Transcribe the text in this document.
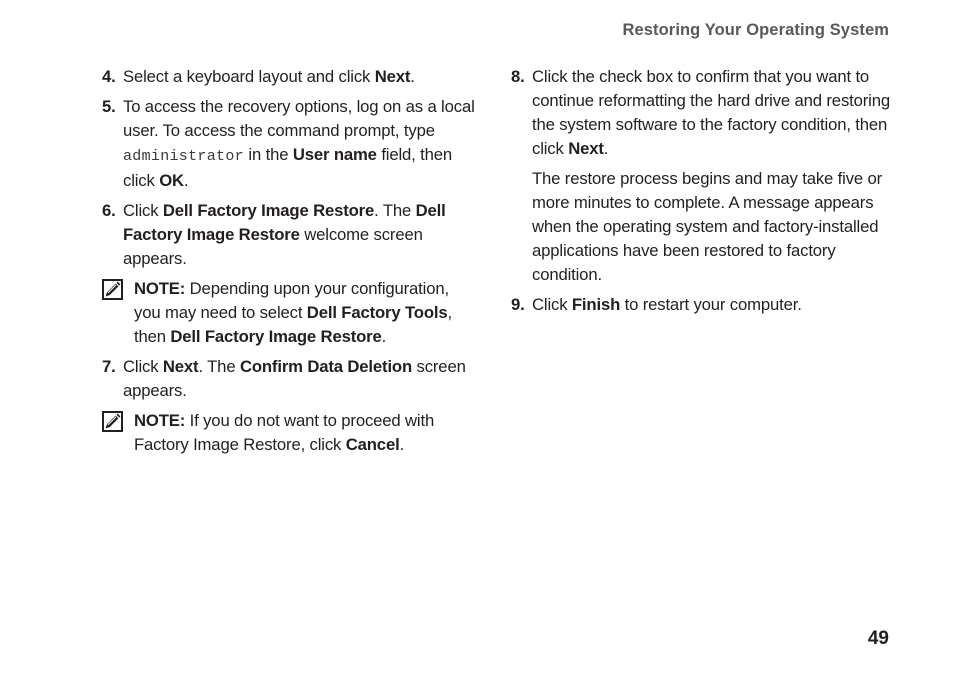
Restoring Your Operating System
4. Select a keyboard layout and click Next.
5. To access the recovery options, log on as a local user. To access the command prompt, type administrator in the User name field, then click OK.
6. Click Dell Factory Image Restore. The Dell Factory Image Restore welcome screen appears.
NOTE: Depending upon your configuration, you may need to select Dell Factory Tools, then Dell Factory Image Restore.
7. Click Next. The Confirm Data Deletion screen appears.
NOTE: If you do not want to proceed with Factory Image Restore, click Cancel.
8. Click the check box to confirm that you want to continue reformatting the hard drive and restoring the system software to the factory condition, then click Next.
The restore process begins and may take five or more minutes to complete. A message appears when the operating system and factory-installed applications have been restored to factory condition.
9. Click Finish to restart your computer.
49
